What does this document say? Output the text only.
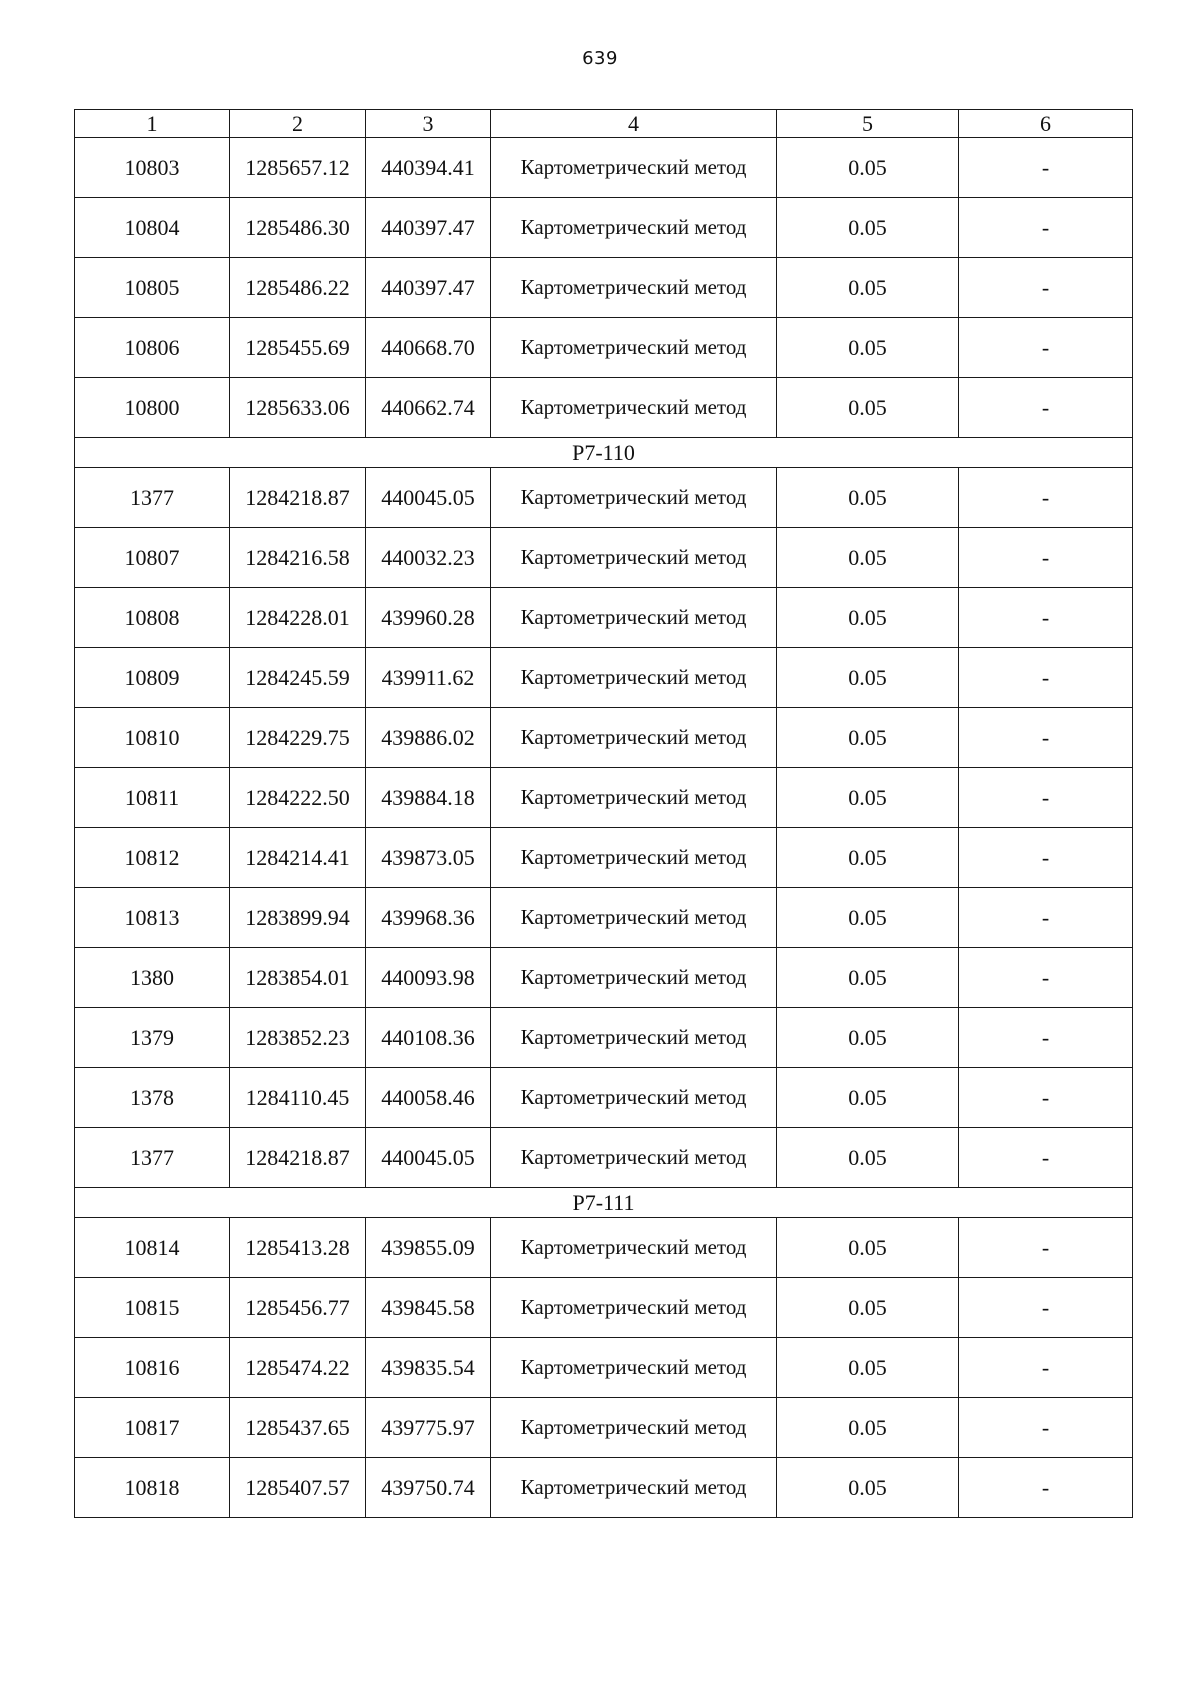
639
1	2	3	4	5	6
10803	1285657.12	440394.41	Картометрический метод	0.05	-
10804	1285486.30	440397.47	Картометрический метод	0.05	-
10805	1285486.22	440397.47	Картометрический метод	0.05	-
10806	1285455.69	440668.70	Картометрический метод	0.05	-
10800	1285633.06	440662.74	Картометрический метод	0.05	-
Р7-110					
1377	1284218.87	440045.05	Картометрический метод	0.05	-
10807	1284216.58	440032.23	Картометрический метод	0.05	-
10808	1284228.01	439960.28	Картометрический метод	0.05	-
10809	1284245.59	439911.62	Картометрический метод	0.05	-
10810	1284229.75	439886.02	Картометрический метод	0.05	-
10811	1284222.50	439884.18	Картометрический метод	0.05	-
10812	1284214.41	439873.05	Картометрический метод	0.05	-
10813	1283899.94	439968.36	Картометрический метод	0.05	-
1380	1283854.01	440093.98	Картометрический метод	0.05	-
1379	1283852.23	440108.36	Картометрический метод	0.05	-
1378	1284110.45	440058.46	Картометрический метод	0.05	-
1377	1284218.87	440045.05	Картометрический метод	0.05	-
Р7-111					
10814	1285413.28	439855.09	Картометрический метод	0.05	-
10815	1285456.77	439845.58	Картометрический метод	0.05	-
10816	1285474.22	439835.54	Картометрический метод	0.05	-
10817	1285437.65	439775.97	Картометрический метод	0.05	-
10818	1285407.57	439750.74	Картометрический метод	0.05	-
